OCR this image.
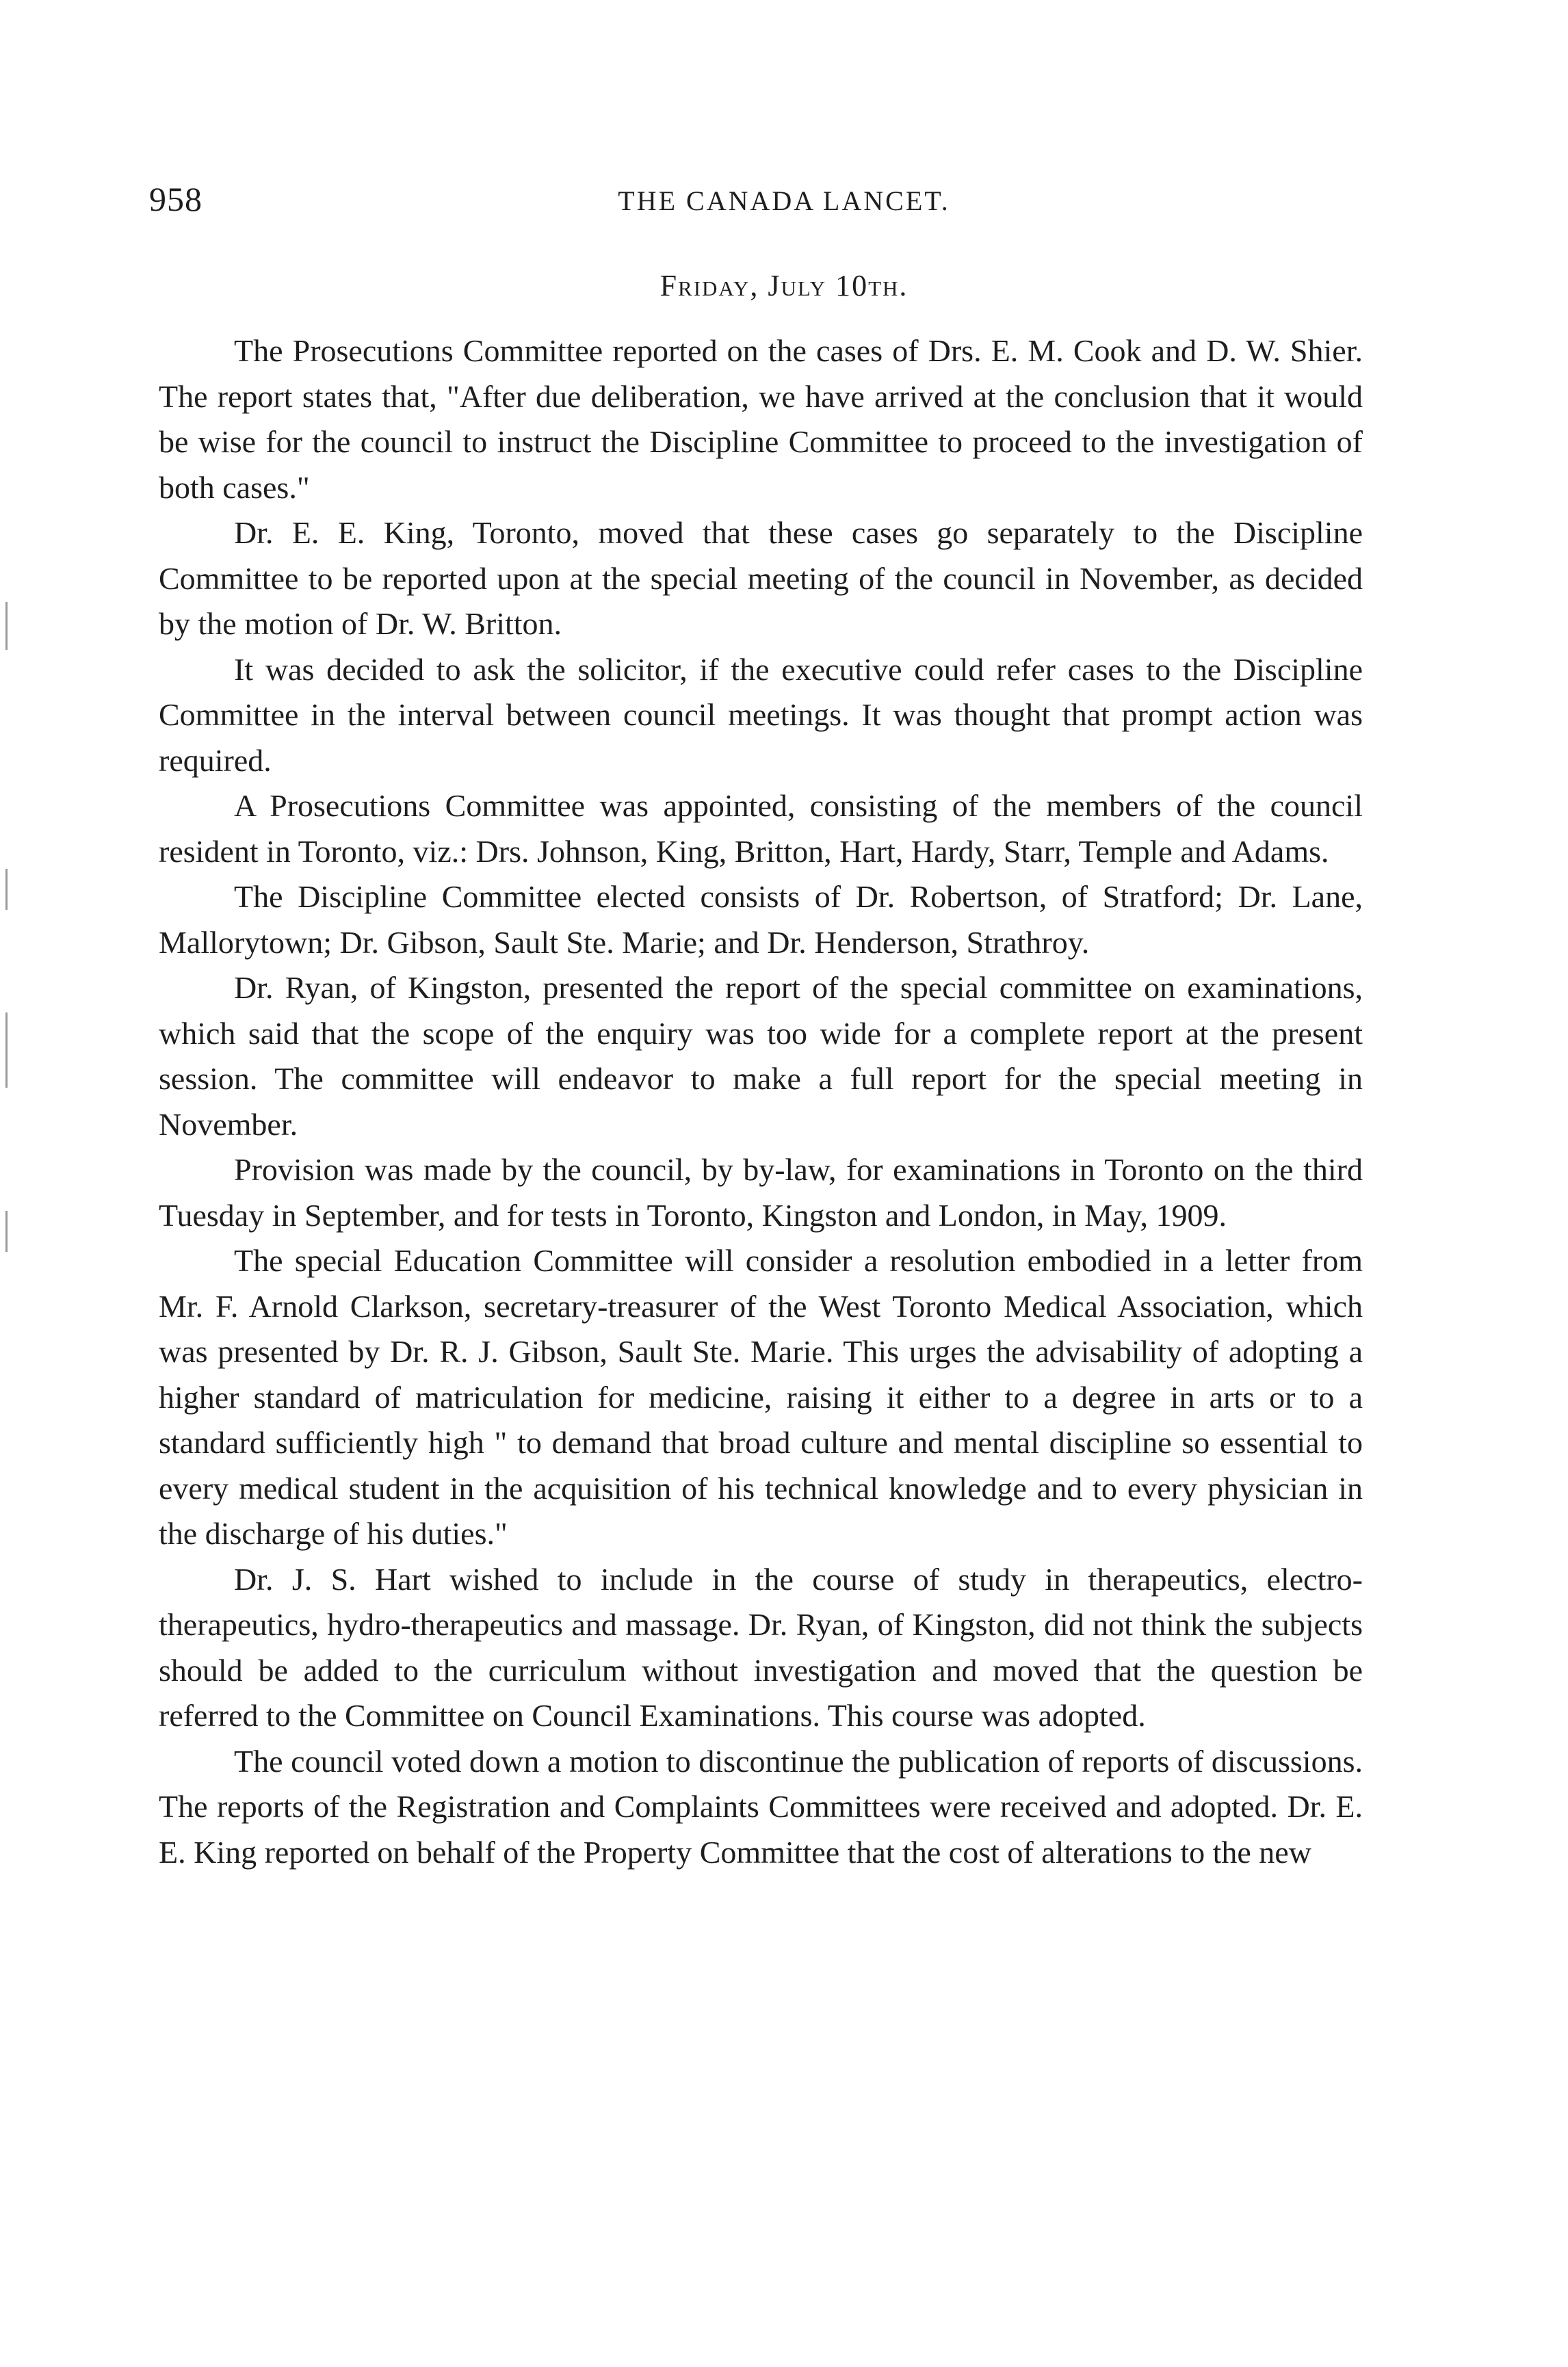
958	THE CANADA LANCET.
Friday, July 10th.

The Prosecutions Committee reported on the cases of Drs. E. M. Cook and D. W. Shier. The report states that, "After due deliberation, we have arrived at the conclusion that it would be wise for the council to instruct the Discipline Committee to proceed to the investigation of both cases."

Dr. E. E. King, Toronto, moved that these cases go separately to the Discipline Committee to be reported upon at the special meeting of the council in November, as decided by the motion of Dr. W. Britton.

It was decided to ask the solicitor, if the executive could refer cases to the Discipline Committee in the interval between council meetings. It was thought that prompt action was required.

A Prosecutions Committee was appointed, consisting of the members of the council resident in Toronto, viz.: Drs. Johnson, King, Britton, Hart, Hardy, Starr, Temple and Adams.

The Discipline Committee elected consists of Dr. Robertson, of Stratford; Dr. Lane, Mallorytown; Dr. Gibson, Sault Ste. Marie; and Dr. Henderson, Strathroy.

Dr. Ryan, of Kingston, presented the report of the special committee on examinations, which said that the scope of the enquiry was too wide for a complete report at the present session. The committee will endeavor to make a full report for the special meeting in November.

Provision was made by the council, by by-law, for examinations in Toronto on the third Tuesday in September, and for tests in Toronto, Kingston and London, in May, 1909.

The special Education Committee will consider a resolution embodied in a letter from Mr. F. Arnold Clarkson, secretary-treasurer of the West Toronto Medical Association, which was presented by Dr. R. J. Gibson, Sault Ste. Marie. This urges the advisability of adopting a higher standard of matriculation for medicine, raising it either to a degree in arts or to a standard sufficiently high " to demand that broad culture and mental discipline so essential to every medical student in the acquisition of his technical knowledge and to every physician in the discharge of his duties."

Dr. J. S. Hart wished to include in the course of study in therapeutics, electro-therapeutics, hydro-therapeutics and massage. Dr. Ryan, of Kingston, did not think the subjects should be added to the curriculum without investigation and moved that the question be referred to the Committee on Council Examinations. This course was adopted.

The council voted down a motion to discontinue the publication of reports of discussions. The reports of the Registration and Complaints Committees were received and adopted. Dr. E. E. King reported on behalf of the Property Committee that the cost of alterations to the new
